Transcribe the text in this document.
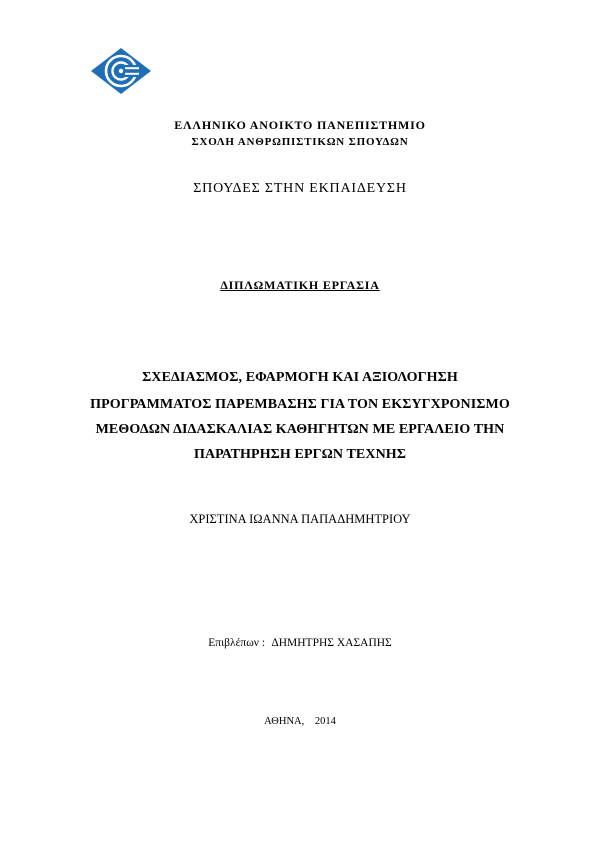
ΕΛΛΗΝΙΚΟ ΑΝΟΙΚΤΟ ΠΑΝΕΠΙΣΤΗΜΙΟ
ΣΧΟΛΗ ΑΝΘΡΩΠΙΣΤΙΚΩΝ ΣΠΟΥΔΩΝ
ΣΠΟΥΔΕΣ ΣΤΗΝ ΕΚΠΑΙΔΕΥΣΗ
ΔΙΠΛΩΜΑΤΙΚΗ ΕΡΓΑΣΙΑ
ΣΧΕΔΙΑΣΜΟΣ, ΕΦΑΡΜΟΓΗ ΚΑΙ ΑΞΙΟΛΟΓΗΣΗ
ΠΡΟΓΡΑΜΜΑΤΟΣ ΠΑΡΕΜΒΑΣΗΣ ΓΙΑ ΤΟΝ ΕΚΣΥΓΧΡΟΝΙΣΜΟ
ΜΕΘΟΔΩΝ ΔΙΔΑΣΚΑΛΙΑΣ ΚΑΘΗΓΗΤΩΝ ΜΕ ΕΡΓΑΛΕΙΟ ΤΗΝ
ΠΑΡΑΤΗΡΗΣΗ ΕΡΓΩΝ ΤΕΧΝΗΣ
ΧΡΙΣΤΙΝΑ ΙΩΑΝΝΑ ΠΑΠΑΔΗΜΗΤΡΙΟΥ
Επιβλέπων : ΔΗΜΗΤΡΗΣ ΧΑΣΑΠΗΣ
ΑΘΗΝΑ, 2014
